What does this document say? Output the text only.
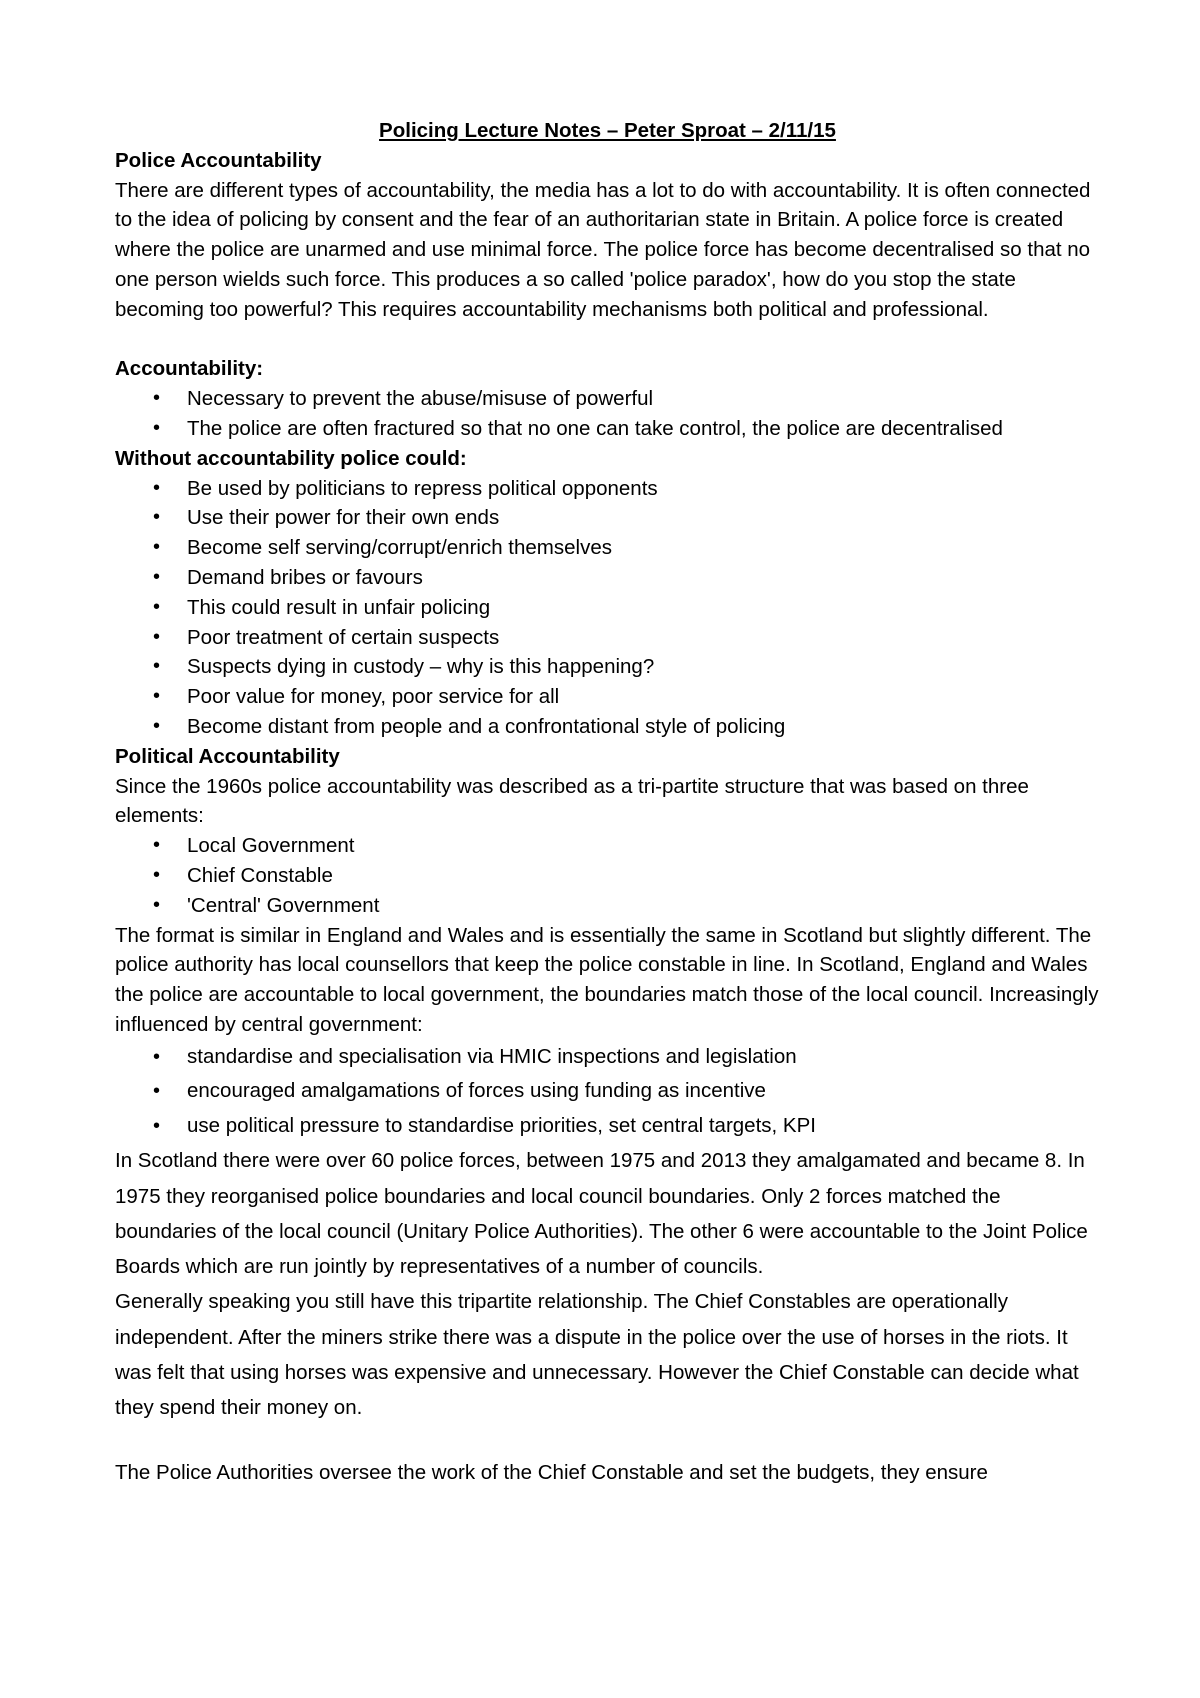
Policing Lecture Notes – Peter Sproat – 2/11/15

Police Accountability

There are different types of accountability, the media has a lot to do with accountability. It is often connected to the idea of policing by consent and the fear of an authoritarian state in Britain. A police force is created where the police are unarmed and use minimal force. The police force has become decentralised so that no one person wields such force. This produces a so called 'police paradox', how do you stop the state becoming too powerful? This requires accountability mechanisms both political and professional.

Accountability:

• Necessary to prevent the abuse/misuse of powerful
• The police are often fractured so that no one can take control, the police are decentralised

Without accountability police could:

• Be used by politicians to repress political opponents
• Use their power for their own ends
• Become self serving/corrupt/enrich themselves
• Demand bribes or favours
• This could result in unfair policing
• Poor treatment of certain suspects
• Suspects dying in custody – why is this happening?
• Poor value for money, poor service for all
• Become distant from people and a confrontational style of policing

Political Accountability

Since the 1960s police accountability was described as a tri-partite structure that was based on three elements:

• Local Government
• Chief Constable
• 'Central' Government

The format is similar in England and Wales and is essentially the same in Scotland but slightly different. The police authority has local counsellors that keep the police constable in line. In Scotland, England and Wales the police are accountable to local government, the boundaries match those of the local council. Increasingly influenced by central government:

• standardise and specialisation via HMIC inspections and legislation
• encouraged amalgamations of forces using funding as incentive
• use political pressure to standardise priorities, set central targets, KPI

In Scotland there were over 60 police forces, between 1975 and 2013 they amalgamated and became 8. In 1975 they reorganised police boundaries and local council boundaries. Only 2 forces matched the boundaries of the local council (Unitary Police Authorities). The other 6 were accountable to the Joint Police Boards which are run jointly by representatives of a number of councils.

Generally speaking you still have this tripartite relationship. The Chief Constables are operationally independent. After the miners strike there was a dispute in the police over the use of horses in the riots. It was felt that using horses was expensive and unnecessary. However the Chief Constable can decide what they spend their money on.

The Police Authorities oversee the work of the Chief Constable and set the budgets, they ensure
